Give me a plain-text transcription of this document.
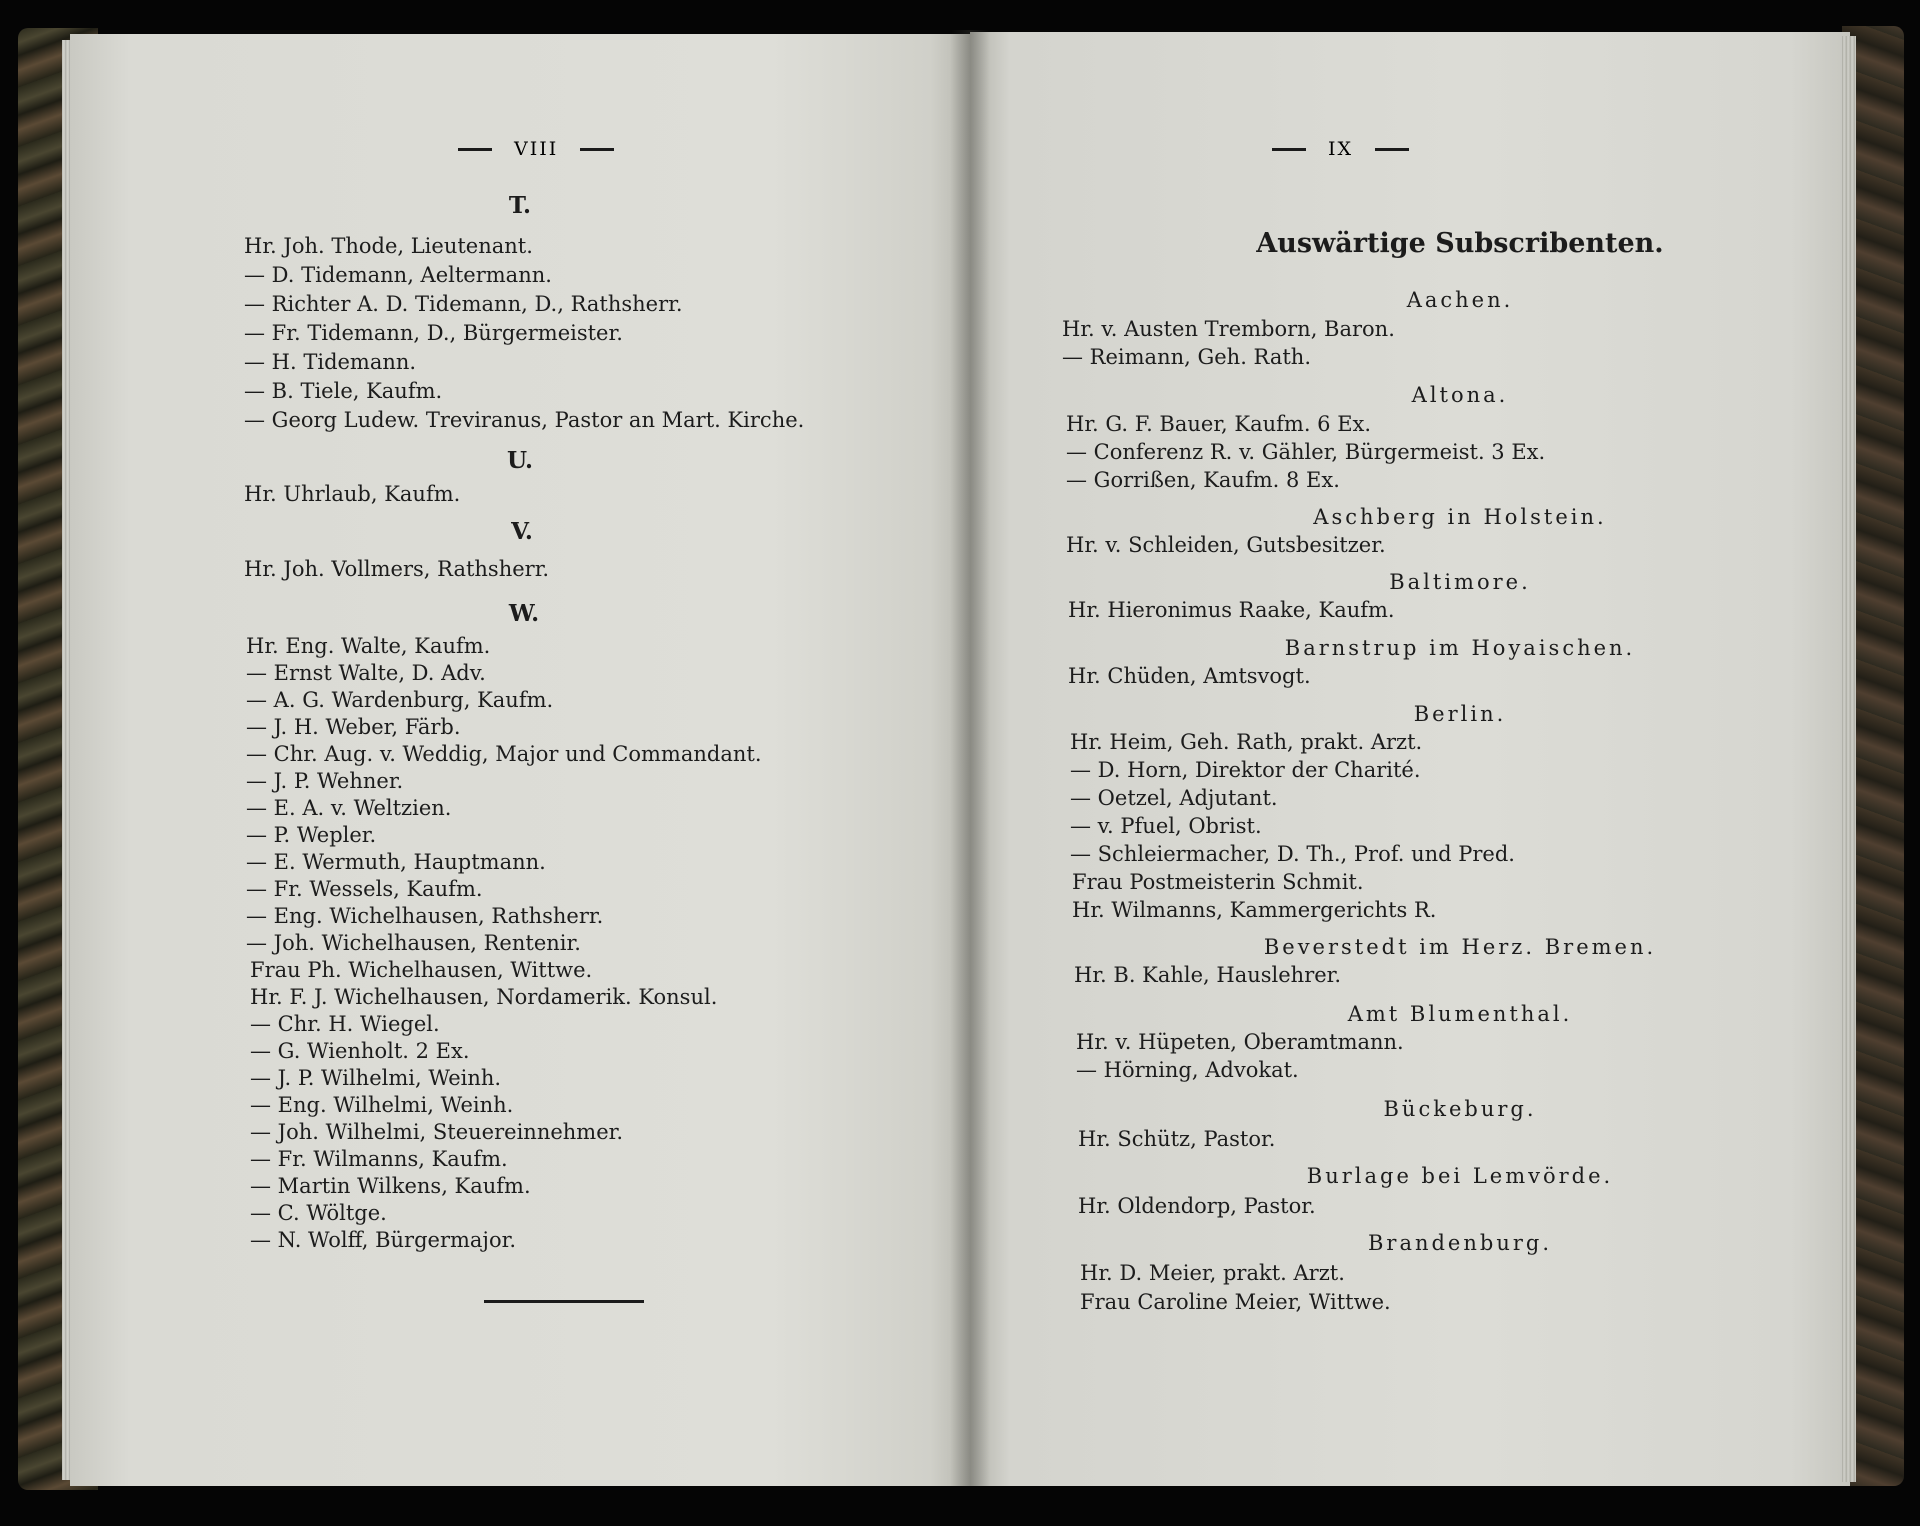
VIII
T.
Hr. Joh. Thode, Lieutenant.
— D. Tidemann, Aeltermann.
— Richter A. D. Tidemann, D., Rathsherr.
— Fr. Tidemann, D., Bürgermeister.
— H. Tidemann.
— B. Tiele, Kaufm.
— Georg Ludew. Treviranus, Pastor an Mart. Kirche.
U.
Hr. Uhrlaub, Kaufm.
V.
Hr. Joh. Vollmers, Rathsherr.
W.
Hr. Eng. Walte, Kaufm.
— Ernst Walte, D. Adv.
— A. G. Wardenburg, Kaufm.
— J. H. Weber, Färb.
— Chr. Aug. v. Weddig, Major und Commandant.
— J. P. Wehner.
— E. A. v. Weltzien.
— P. Wepler.
— E. Wermuth, Hauptmann.
— Fr. Wessels, Kaufm.
— Eng. Wichelhausen, Rathsherr.
— Joh. Wichelhausen, Rentenir.
Frau Ph. Wichelhausen, Wittwe.
Hr. F. J. Wichelhausen, Nordamerik. Konsul.
— Chr. H. Wiegel.
— G. Wienholt. 2 Ex.
— J. P. Wilhelmi, Weinh.
— Eng. Wilhelmi, Weinh.
— Joh. Wilhelmi, Steuereinnehmer.
— Fr. Wilmanns, Kaufm.
— Martin Wilkens, Kaufm.
— C. Wöltge.
— N. Wolff, Bürgermajor.
IX
Auswärtige Subscribenten.
Aachen.
Hr. v. Austen Tremborn, Baron.
— Reimann, Geh. Rath.
Altona.
Hr. G. F. Bauer, Kaufm. 6 Ex.
— Conferenz R. v. Gähler, Bürgermeist. 3 Ex.
— Gorrißen, Kaufm. 8 Ex.
Aschberg in Holstein.
Hr. v. Schleiden, Gutsbesitzer.
Baltimore.
Hr. Hieronimus Raake, Kaufm.
Barnstrup im Hoyaischen.
Hr. Chüden, Amtsvogt.
Berlin.
Hr. Heim, Geh. Rath, prakt. Arzt.
— D. Horn, Direktor der Charité.
— Oetzel, Adjutant.
— v. Pfuel, Obrist.
— Schleiermacher, D. Th., Prof. und Pred.
Frau Postmeisterin Schmit.
Hr. Wilmanns, Kammergerichts R.
Beverstedt im Herz. Bremen.
Hr. B. Kahle, Hauslehrer.
Amt Blumenthal.
Hr. v. Hüpeten, Oberamtmann.
— Hörning, Advokat.
Bückeburg.
Hr. Schütz, Pastor.
Burlage bei Lemvörde.
Hr. Oldendorp, Pastor.
Brandenburg.
Hr. D. Meier, prakt. Arzt.
Frau Caroline Meier, Wittwe.
